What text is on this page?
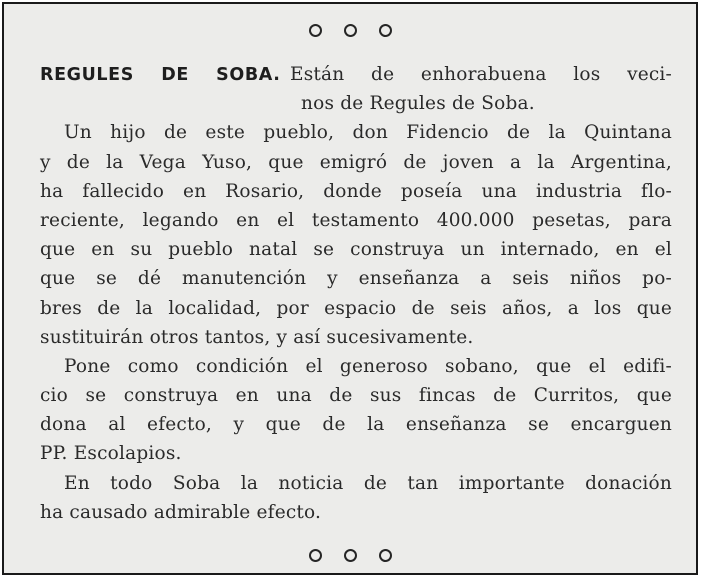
REGULES DE SOBA.  Están de enhorabuena los veci-
nos de Regules de Soba.
Un hijo de este pueblo, don Fidencio de la Quintana
y de la Vega Yuso, que emigró de joven a la Argentina,
ha fallecido en Rosario, donde poseía una industria flo-
reciente, legando en el testamento 400.000 pesetas, para
que en su pueblo natal se construya un internado, en el
que se dé manutención y enseñanza a seis niños po-
bres de la localidad, por espacio de seis años, a los que
sustituirán otros tantos, y así sucesivamente.
Pone como condición el generoso sobano, que el edifi-
cio se construya en una de sus fincas de Curritos, que
dona al efecto, y que de la enseñanza se encarguen
PP. Escolapios.
En todo Soba la noticia de tan importante donación
ha causado admirable efecto.
